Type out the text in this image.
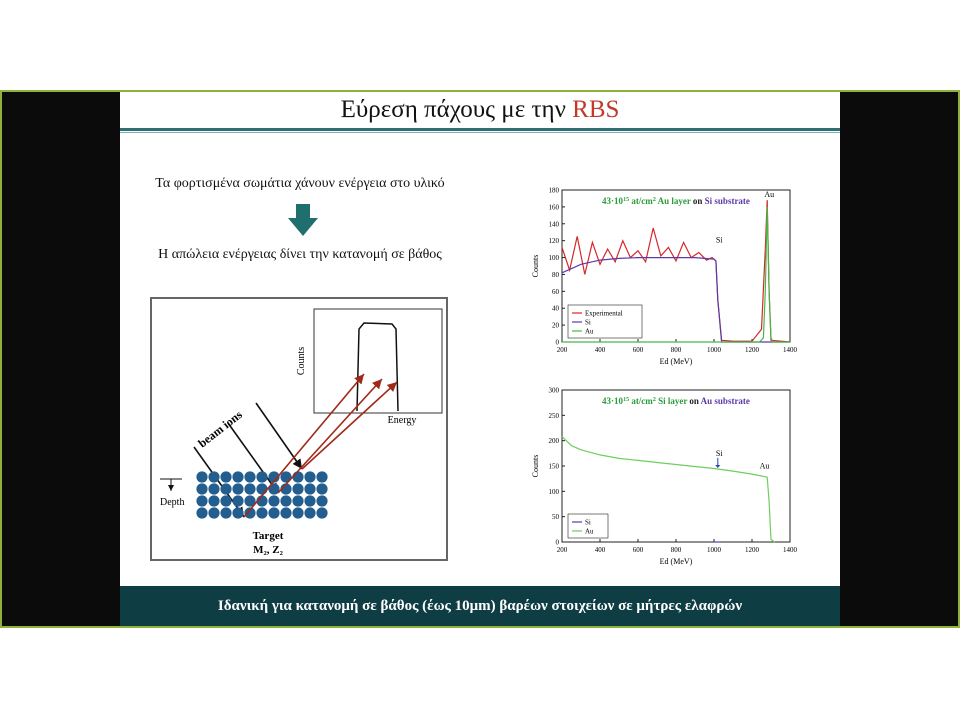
Εύρεση πάχους με την RBS
Τα φορτισμένα σωμάτια χάνουν ενέργεια στο υλικό
Η απώλεια ενέργειας δίνει την κατανομή σε βάθος
Counts
Energy
beam ions
Depth
Target
M₂, Z₂
$43\cdot 10^{15}$ $at/cm^2$ Au layer on Si substrate
200	400	600	800	1000	1200	1400
0
20
40
60
80
100
120
140
160
180
Ed (MeV)
Counts
Experimental
Si
Au
Si
Au
$43\cdot 10^{15}$ $at/cm^2$ Si layer on Au substrate
200	400	600	800	1000	1200	1400
0
50
100
150
200
250
300
Ed (MeV)
Counts
Si
Au
Si
Au
Ιδανική για κατανομή σε βάθος (έως 10μm) βαρέων στοιχείων σε μήτρες ελαφρών
